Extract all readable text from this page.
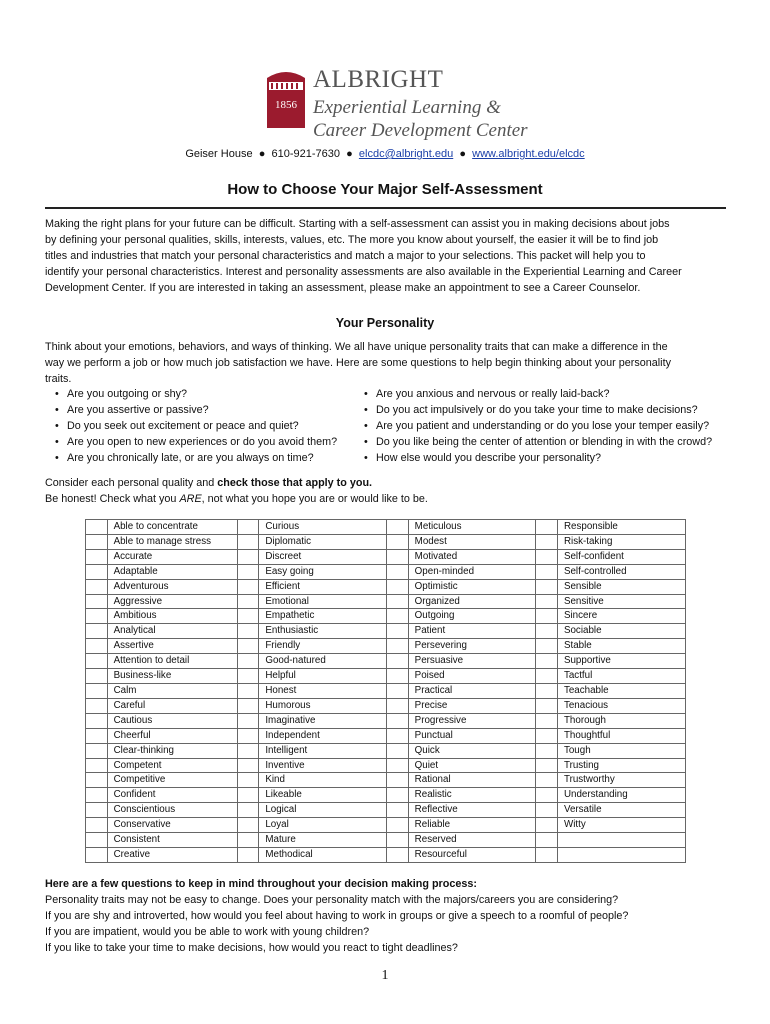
1856
ALBRIGHT
Experiential Learning &
Career Development Center
Geiser House ● 610-921-7630 ● elcdc@albright.edu ● www.albright.edu/elcdc
How to Choose Your Major Self-Assessment
Making the right plans for your future can be difficult. Starting with a self-assessment can assist you in making decisions about jobs
by defining your personal qualities, skills, interests, values, etc. The more you know about yourself, the easier it will be to find job
titles and industries that match your personal characteristics and match a major to your selections. This packet will help you to
identify your personal characteristics. Interest and personality assessments are also available in the Experiential Learning and Career
Development Center. If you are interested in taking an assessment, please make an appointment to see a Career Counselor.
Your Personality
Think about your emotions, behaviors, and ways of thinking. We all have unique personality traits that can make a difference in the
way we perform a job or how much job satisfaction we have. Here are some questions to help begin thinking about your personality
traits.
• Are you outgoing or shy?
• Are you assertive or passive?
• Do you seek out excitement or peace and quiet?
• Are you open to new experiences or do you avoid them?
• Are you chronically late, or are you always on time?
• Are you anxious and nervous or really laid-back?
• Do you act impulsively or do you take your time to make decisions?
• Are you patient and understanding or do you lose your temper easily?
• Do you like being the center of attention or blending in with the crowd?
• How else would you describe your personality?
Consider each personal quality and check those that apply to you.
Be honest! Check what you ARE, not what you hope you are or would like to be.
	Able to concentrate		Curious		Meticulous		Responsible
	Able to manage stress		Diplomatic		Modest		Risk-taking
	Accurate		Discreet		Motivated		Self-confident
	Adaptable		Easy going		Open-minded		Self-controlled
	Adventurous		Efficient		Optimistic		Sensible
	Aggressive		Emotional		Organized		Sensitive
	Ambitious		Empathetic		Outgoing		Sincere
	Analytical		Enthusiastic		Patient		Sociable
	Assertive		Friendly		Persevering		Stable
	Attention to detail		Good-natured		Persuasive		Supportive
	Business-like		Helpful		Poised		Tactful
	Calm		Honest		Practical		Teachable
	Careful		Humorous		Precise		Tenacious
	Cautious		Imaginative		Progressive		Thorough
	Cheerful		Independent		Punctual		Thoughtful
	Clear-thinking		Intelligent		Quick		Tough
	Competent		Inventive		Quiet		Trusting
	Competitive		Kind		Rational		Trustworthy
	Confident		Likeable		Realistic		Understanding
	Conscientious		Logical		Reflective		Versatile
	Conservative		Loyal		Reliable		Witty
	Consistent		Mature		Reserved		
	Creative		Methodical		Resourceful		
Here are a few questions to keep in mind throughout your decision making process:
Personality traits may not be easy to change. Does your personality match with the majors/careers you are considering?
If you are shy and introverted, how would you feel about having to work in groups or give a speech to a roomful of people?
If you are impatient, would you be able to work with young children?
If you like to take your time to make decisions, how would you react to tight deadlines?
1
